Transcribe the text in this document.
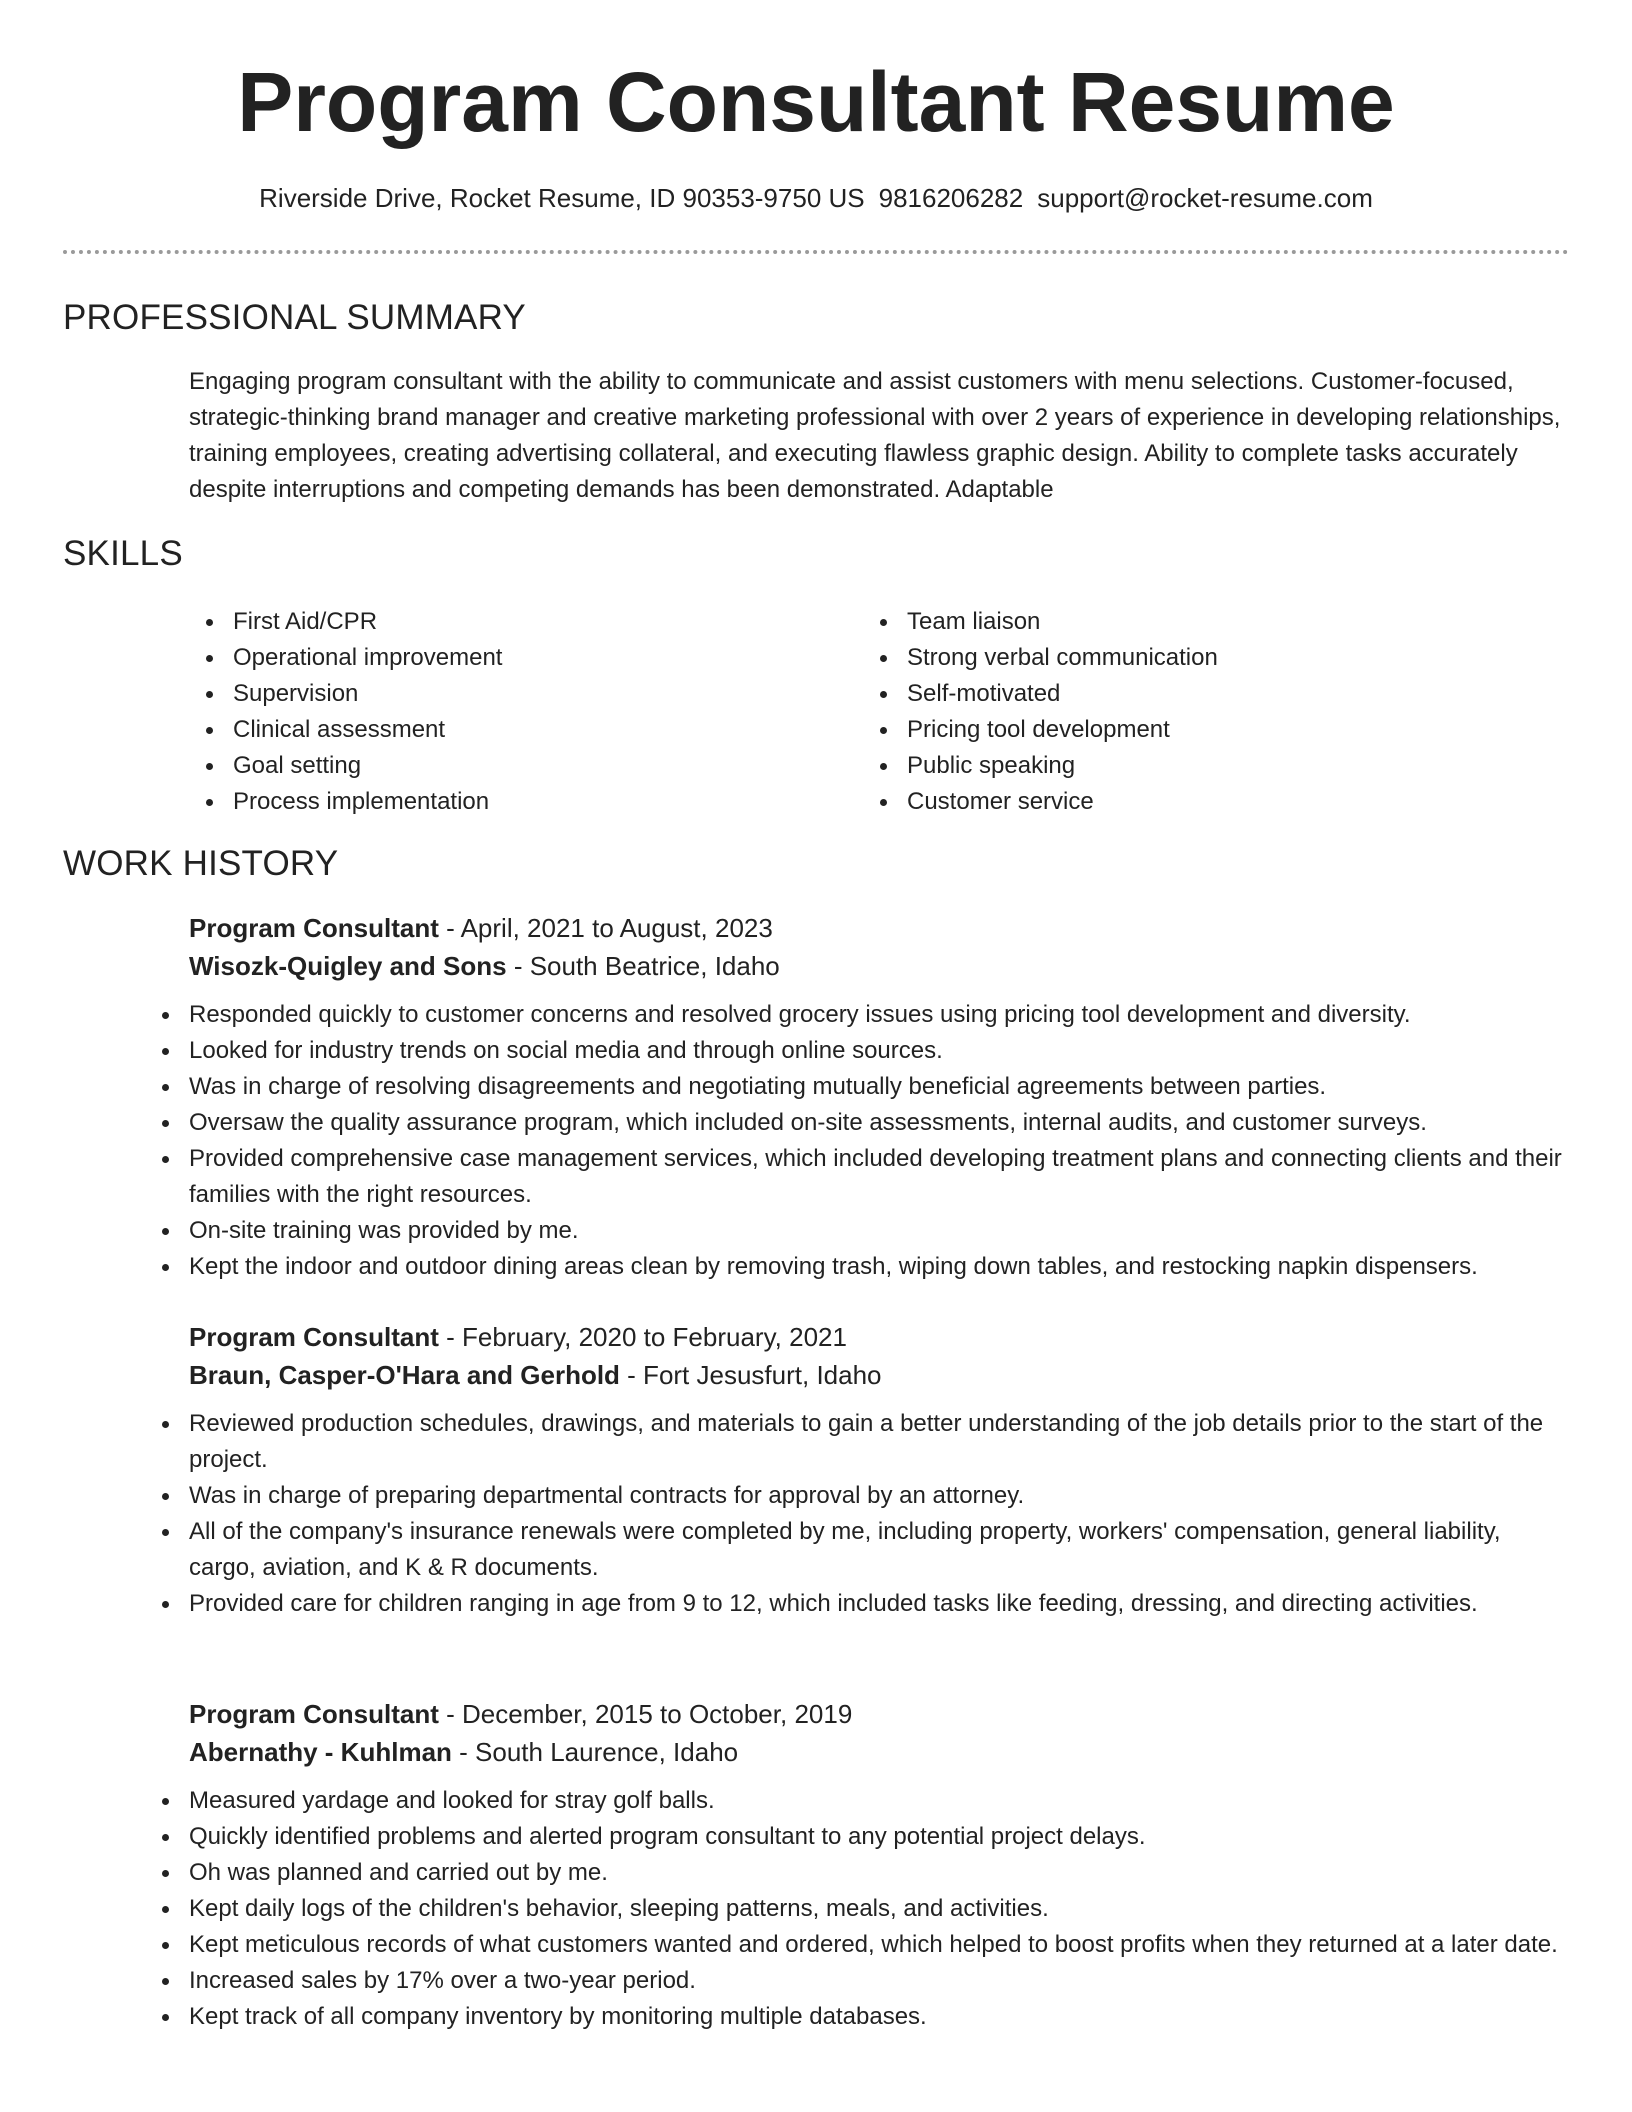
Program Consultant Resume
Riverside Drive, Rocket Resume, ID 90353-9750 US 9816206282 support@rocket-resume.com
PROFESSIONAL SUMMARY

Engaging program consultant with the ability to communicate and assist customers with menu selections. Customer-focused, strategic-thinking brand manager and creative marketing professional with over 2 years of experience in developing relationships, training employees, creating advertising collateral, and executing flawless graphic design. Ability to complete tasks accurately despite interruptions and competing demands has been demonstrated. Adaptable

SKILLS
First Aid/CPR
Operational improvement
Supervision
Clinical assessment
Goal setting
Process implementation
Team liaison
Strong verbal communication
Self-motivated
Pricing tool development
Public speaking
Customer service
WORK HISTORY
Program Consultant - April, 2021 to August, 2023
Wisozk-Quigley and Sons - South Beatrice, Idaho
Responded quickly to customer concerns and resolved grocery issues using pricing tool development and diversity.
Looked for industry trends on social media and through online sources.
Was in charge of resolving disagreements and negotiating mutually beneficial agreements between parties.
Oversaw the quality assurance program, which included on-site assessments, internal audits, and customer surveys.
Provided comprehensive case management services, which included developing treatment plans and connecting clients and their families with the right resources.
On-site training was provided by me.
Kept the indoor and outdoor dining areas clean by removing trash, wiping down tables, and restocking napkin dispensers.
Program Consultant - February, 2020 to February, 2021
Braun, Casper-O'Hara and Gerhold - Fort Jesusfurt, Idaho
Reviewed production schedules, drawings, and materials to gain a better understanding of the job details prior to the start of the project.
Was in charge of preparing departmental contracts for approval by an attorney.
All of the company's insurance renewals were completed by me, including property, workers' compensation, general liability, cargo, aviation, and K & R documents.
Provided care for children ranging in age from 9 to 12, which included tasks like feeding, dressing, and directing activities.
Program Consultant - December, 2015 to October, 2019
Abernathy - Kuhlman - South Laurence, Idaho
Measured yardage and looked for stray golf balls.
Quickly identified problems and alerted program consultant to any potential project delays.
Oh was planned and carried out by me.
Kept daily logs of the children's behavior, sleeping patterns, meals, and activities.
Kept meticulous records of what customers wanted and ordered, which helped to boost profits when they returned at a later date.
Increased sales by 17% over a two-year period.
Kept track of all company inventory by monitoring multiple databases.
